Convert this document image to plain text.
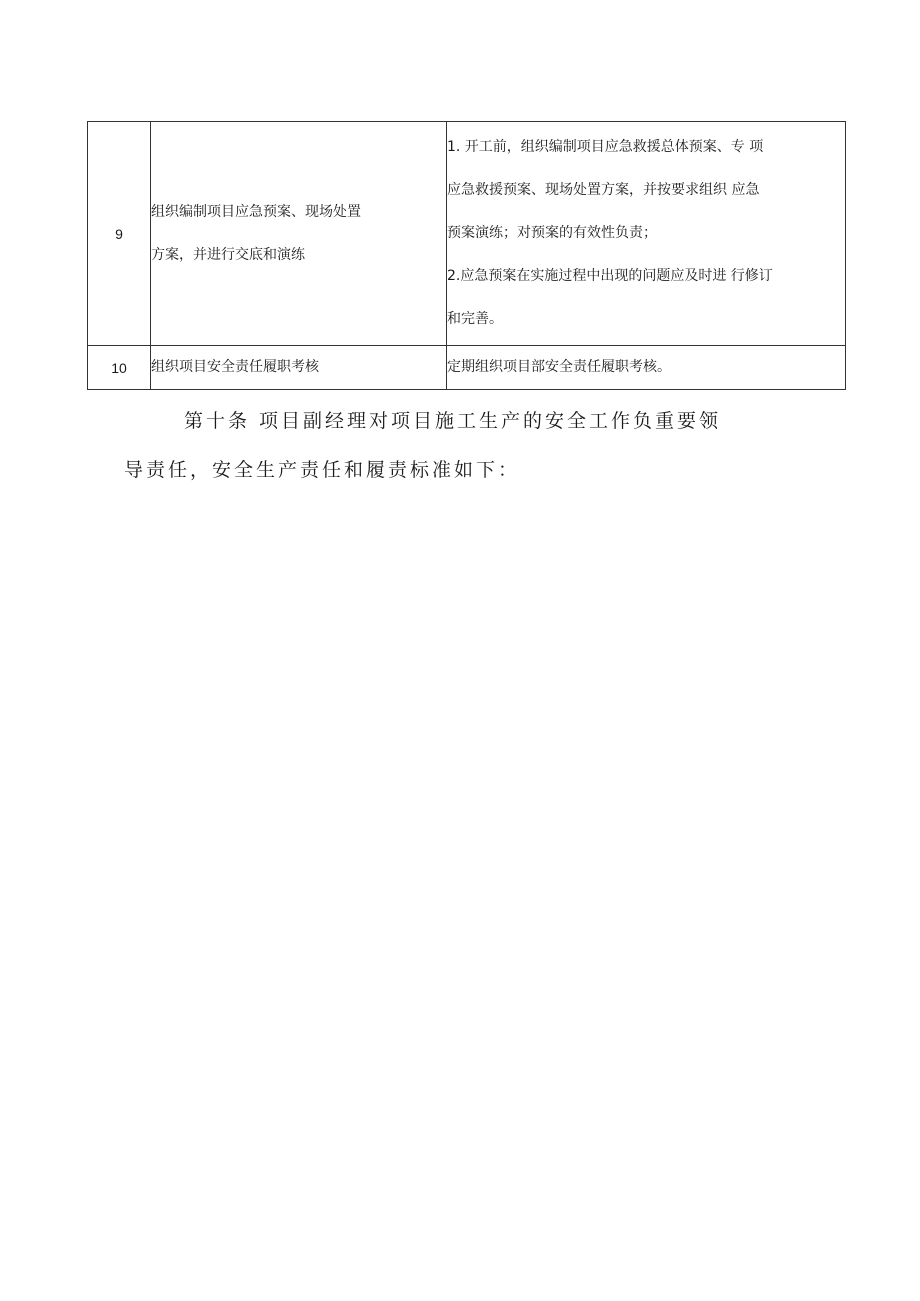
9	组织编制项目应急预案、现场处置
方案，并进行交底和演练	1. 开工前，组织编制项目应急救援总体预案、专 项
应急救援预案、现场处置方案，并按要求组织 应急
预案演练；对预案的有效性负责；
2.应急预案在实施过程中出现的问题应及时进 行修订
和完善。

10	组织项目安全责任履职考核	定期组织项目部安全责任履职考核。
第十条 项目副经理对项目施工生产的安全工作负重要领
导责任，安全生产责任和履责标准如下：
